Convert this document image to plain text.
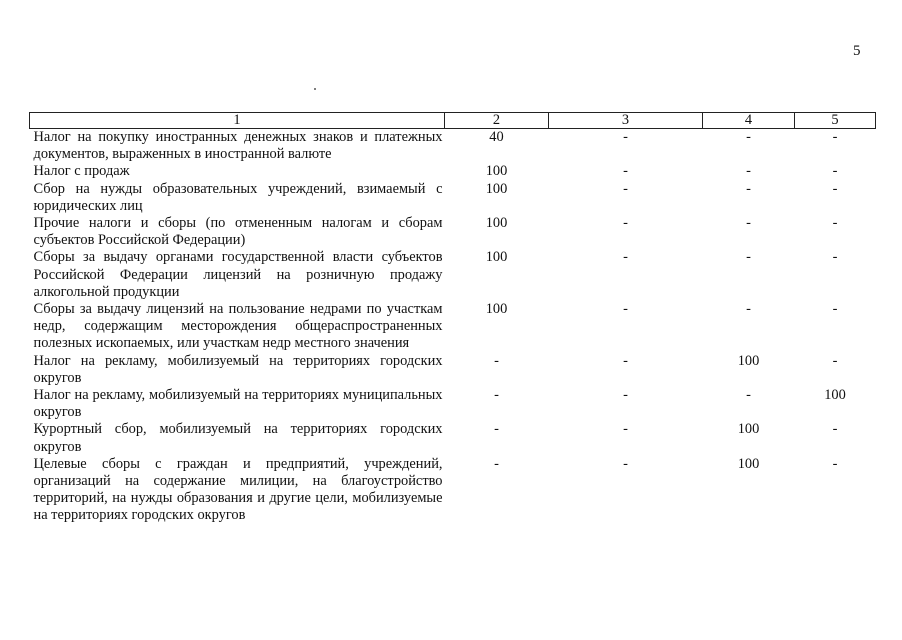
5
1	2	3	4	5
Налог на покупку иностранных денежных знаков и платежных документов, выраженных в иностранной валюте	40	-	-	-
Налог с продаж	100	-	-	-
Сбор на нужды образовательных учреждений, взимаемый с юридических лиц	100	-	-	-
Прочие налоги и сборы (по отмененным налогам и сборам субъектов Российской Федерации)	100	-	-	-
Сборы за выдачу органами государственной власти субъектов Российской Федерации лицензий на розничную продажу алкогольной продукции	100	-	-	-
Сборы за выдачу лицензий на пользование недрами по участкам недр, содержащим месторождения общераспространенных полезных ископаемых, или участкам недр местного значения	100	-	-	-
Налог на рекламу, мобилизуемый на территориях городских округов	-	-	100	-
Налог на рекламу, мобилизуемый на территориях муниципальных округов	-	-	-	100
Курортный сбор, мобилизуемый на территориях городских округов	-	-	100	-
Целевые сборы с граждан и предприятий, учреждений, организаций на содержание милиции, на благоустройство территорий, на нужды образования и другие цели, мобилизуемые на территориях городских округов	-	-	100	-
